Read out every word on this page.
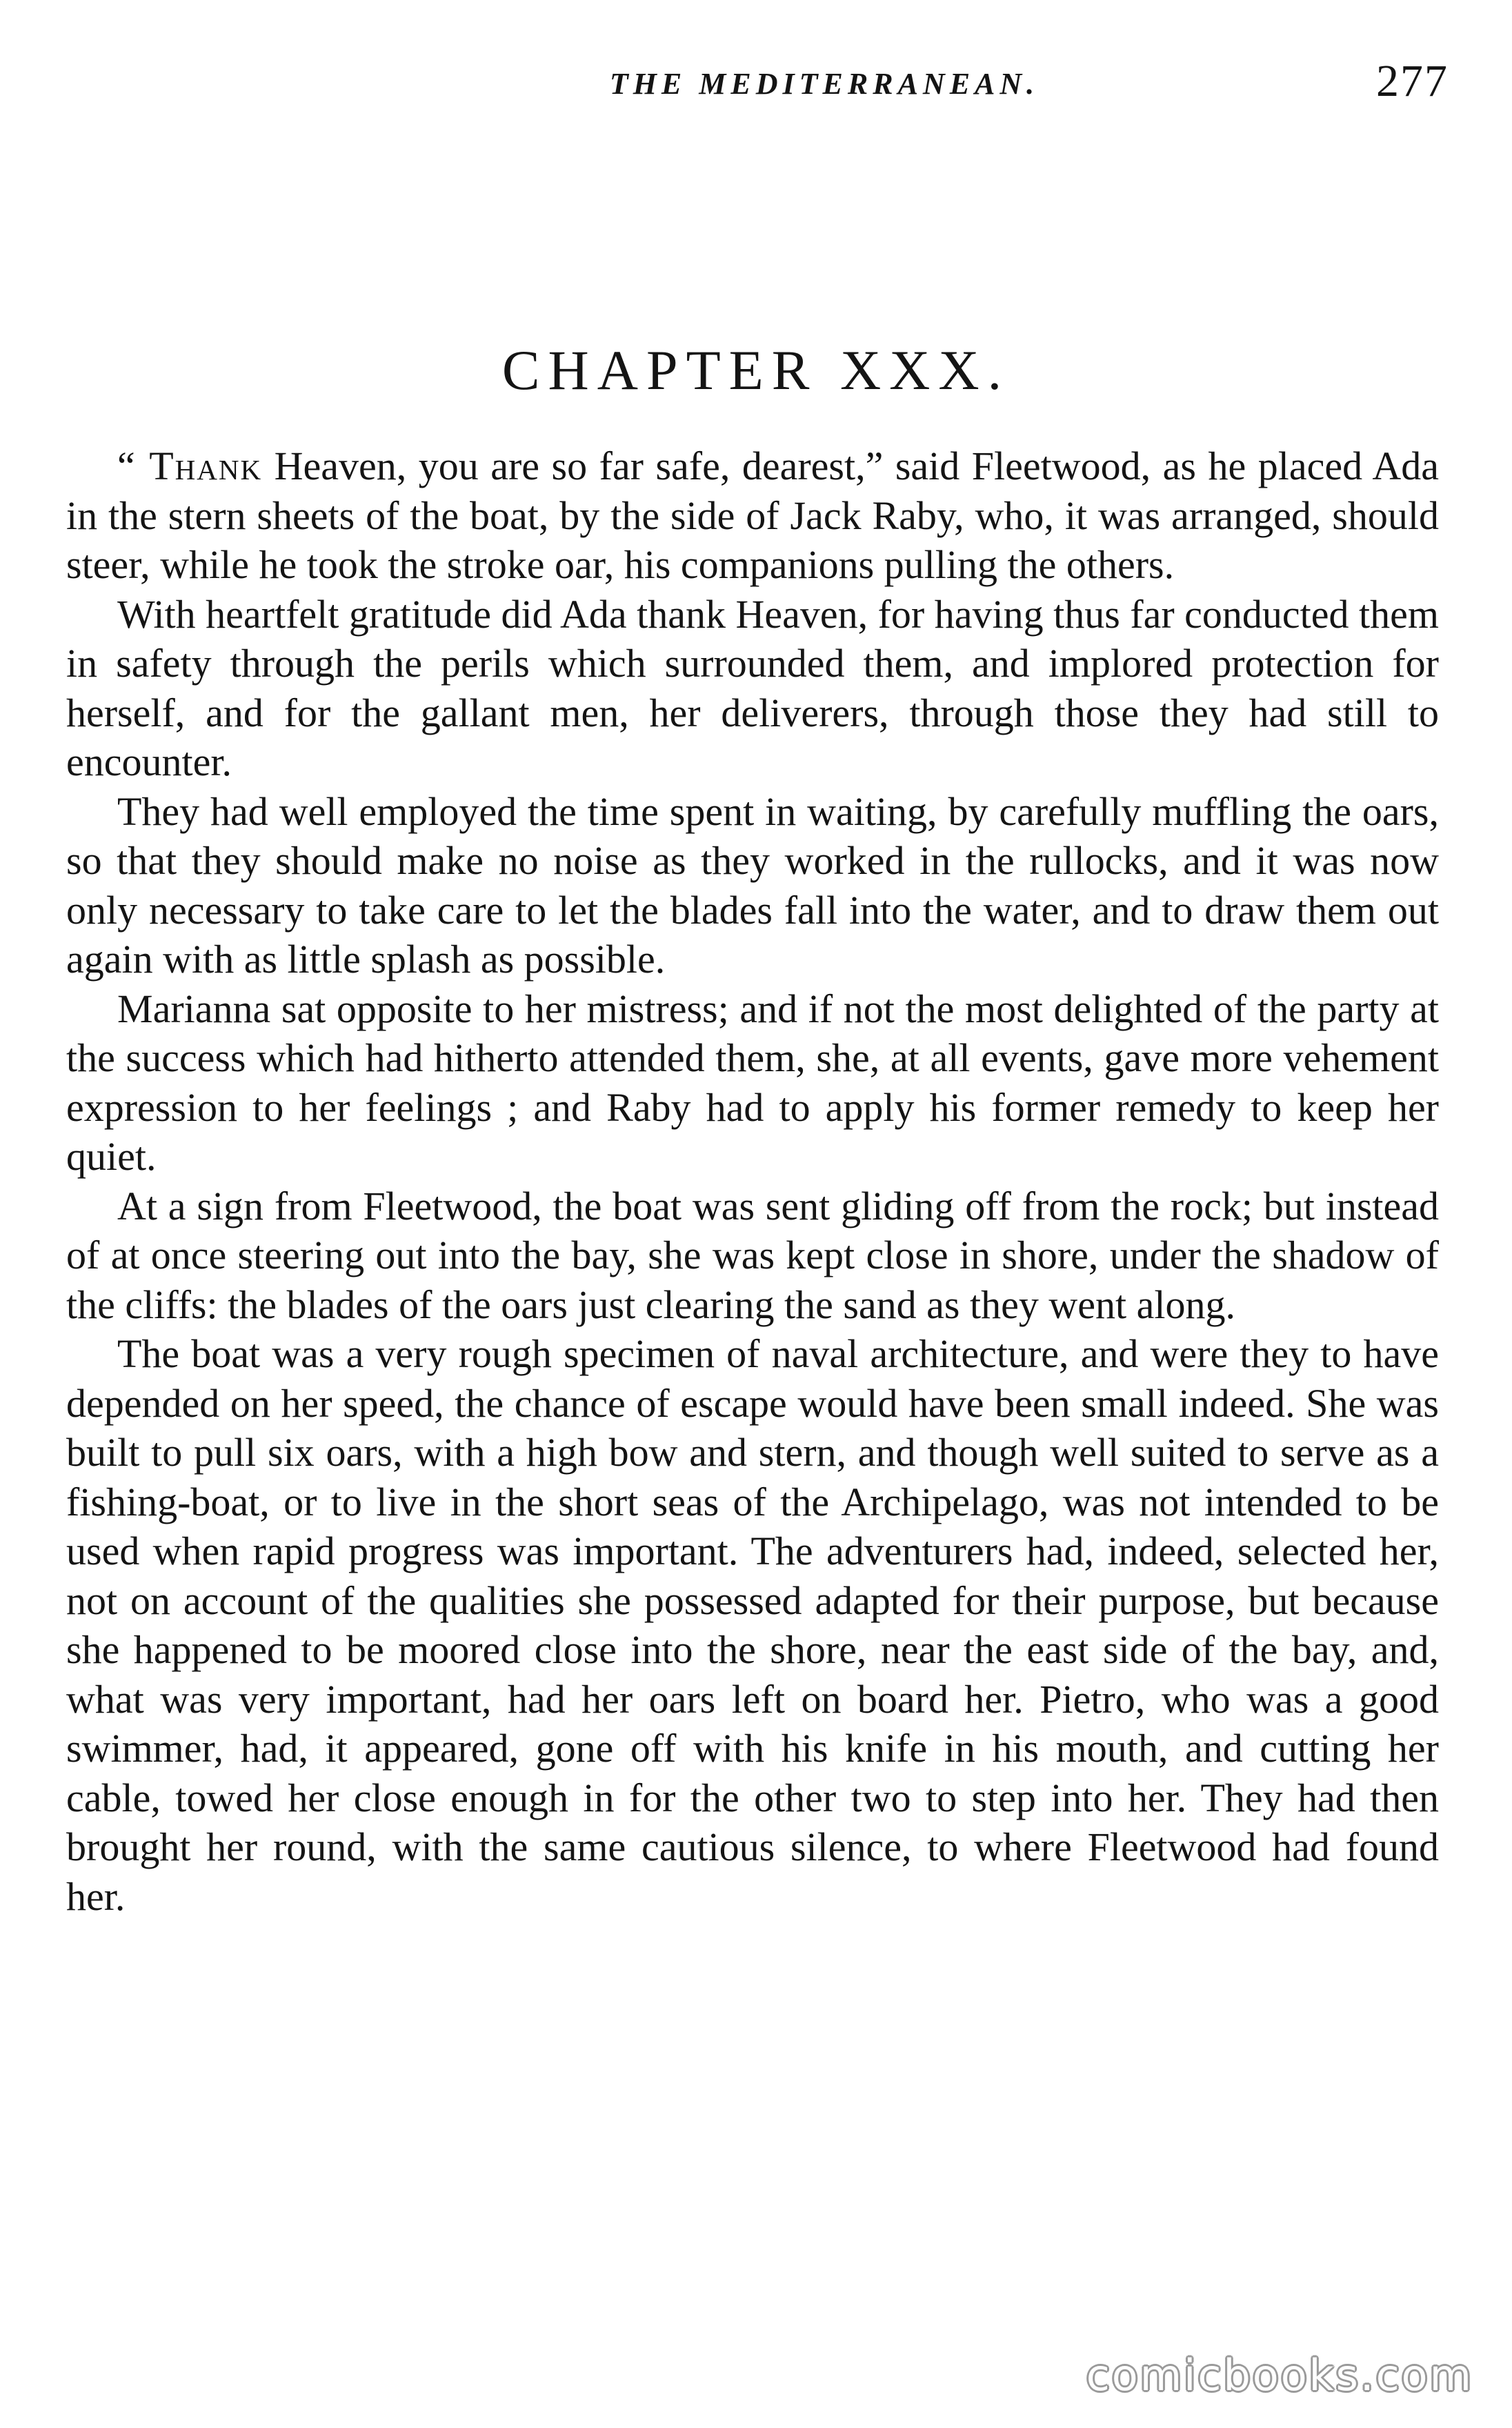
THE MEDITERRANEAN.	277
CHAPTER XXX.

“ Thank Heaven, you are so far safe, dearest,” said Fleetwood, as he placed Ada in the stern sheets of the boat, by the side of Jack Raby, who, it was arranged, should steer, while he took the stroke oar, his companions pulling the others.

With heartfelt gratitude did Ada thank Heaven, for having thus far conducted them in safety through the perils which surrounded them, and implored protection for herself, and for the gallant men, her deliverers, through those they had still to encounter.

They had well employed the time spent in waiting, by carefully muffling the oars, so that they should make no noise as they worked in the rullocks, and it was now only necessary to take care to let the blades fall into the water, and to draw them out again with as little splash as possible.

Marianna sat opposite to her mistress; and if not the most delighted of the party at the success which had hitherto attended them, she, at all events, gave more vehement expression to her feelings ; and Raby had to apply his former remedy to keep her quiet.

At a sign from Fleetwood, the boat was sent gliding off from the rock; but instead of at once steering out into the bay, she was kept close in shore, under the shadow of the cliffs: the blades of the oars just clearing the sand as they went along.

The boat was a very rough specimen of naval architecture, and were they to have depended on her speed, the chance of escape would have been small indeed. She was built to pull six oars, with a high bow and stern, and though well suited to serve as a fishing-boat, or to live in the short seas of the Archipelago, was not intended to be used when rapid progress was important. The adventurers had, indeed, selected her, not on account of the qualities she possessed adapted for their purpose, but because she happened to be moored close into the shore, near the east side of the bay, and, what was very important, had her oars left on board her. Pietro, who was a good swimmer, had, it appeared, gone off with his knife in his mouth, and cutting her cable, towed her close enough in for the other two to step into her. They had then brought her round, with the same cautious silence, to where Fleetwood had found her.

comicbooks.com
